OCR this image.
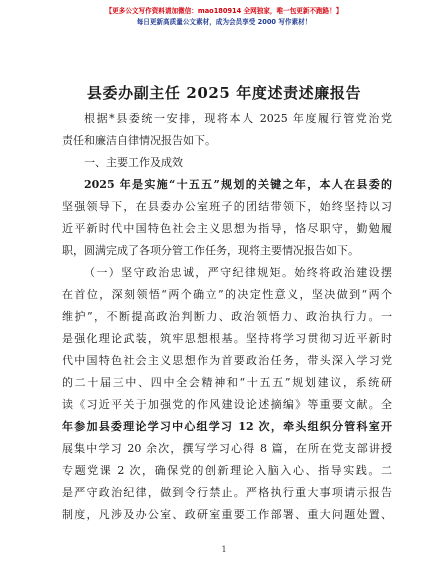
【更多公文写作资料请加微信：mao180914 全网独家，唯一包更新不跑路！】
每日更新高质量公文素材，成为会员享受 2000 写作素材！
县委办副主任 2025 年度述责述廉报告
根据*县委统一安排，现将本人 2025 年度履行管党治党
责任和廉洁自律情况报告如下。
一、主要工作及成效
2025 年是实施“十五五”规划的关键之年，本人在县委的
坚强领导下，在县委办公室班子的团结带领下，始终坚持以习
近平新时代中国特色社会主义思想为指导，恪尽职守，勤勉履
职，圆满完成了各项分管工作任务，现将主要情况报告如下。
（一）坚守政治忠诚，严守纪律规矩。始终将政治建设摆
在首位，深刻领悟“两个确立”的决定性意义，坚决做到“两个
维护”，不断提高政治判断力、政治领悟力、政治执行力。一
是强化理论武装，筑牢思想根基。坚持将学习贯彻习近平新时
代中国特色社会主义思想作为首要政治任务，带头深入学习党
的二十届三中、四中全会精神和“十五五”规划建议，系统研
读《习近平关于加强党的作风建设论述摘编》等重要文献。全
年参加县委理论学习中心组学习 12 次，牵头组织分管科室开
展集中学习 20 余次，撰写学习心得 8 篇，在所在党支部讲授
专题党课 2 次，确保党的创新理论入脑入心、指导实践。二
是严守政治纪律，做到令行禁止。严格执行重大事项请示报告
制度，凡涉及办公室、政研室重要工作部署、重大问题处置、
1
